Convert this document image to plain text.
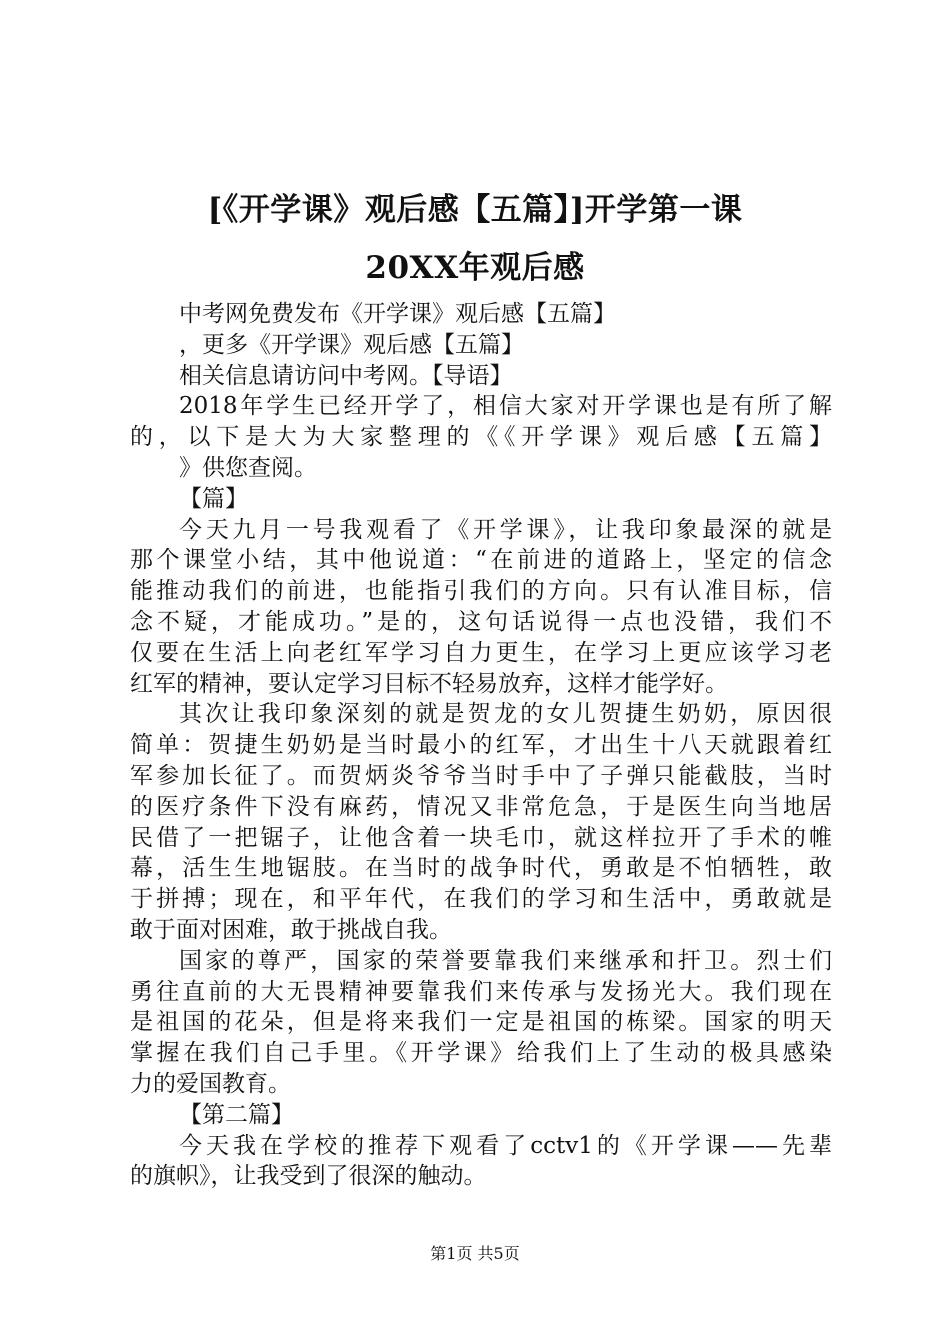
[《开学课》观后感【五篇】]开学第一课
20XX年观后感
中考网免费发布《开学课》观后感【五篇】
，更多《开学课》观后感【五篇】
相关信息请访问中考网。【导语】
2018年学生已经开学了，相信大家对开学课也是有所了解
的，以下是大为大家整理的《《开学课》观后感【五篇】
》供您查阅。
【篇】
今天九月一号我观看了《开学课》，让我印象最深的就是
那个课堂小结，其中他说道：“在前进的道路上，坚定的信念
能推动我们的前进，也能指引我们的方向。只有认准目标，信
念不疑，才能成功。”是的，这句话说得一点也没错，我们不
仅要在生活上向老红军学习自力更生，在学习上更应该学习老
红军的精神，要认定学习目标不轻易放弃，这样才能学好。
其次让我印象深刻的就是贺龙的女儿贺捷生奶奶，原因很
简单：贺捷生奶奶是当时最小的红军，才出生十八天就跟着红
军参加长征了。而贺炳炎爷爷当时手中了子弹只能截肢，当时
的医疗条件下没有麻药，情况又非常危急，于是医生向当地居
民借了一把锯子，让他含着一块毛巾，就这样拉开了手术的帷
幕，活生生地锯肢。在当时的战争时代，勇敢是不怕牺牲，敢
于拼搏；现在，和平年代，在我们的学习和生活中，勇敢就是
敢于面对困难，敢于挑战自我。
国家的尊严，国家的荣誉要靠我们来继承和扞卫。烈士们
勇往直前的大无畏精神要靠我们来传承与发扬光大。我们现在
是祖国的花朵，但是将来我们一定是祖国的栋梁。国家的明天
掌握在我们自己手里。《开学课》给我们上了生动的极具感染
力的爱国教育。
【第二篇】
今天我在学校的推荐下观看了cctv1的《开学课——先辈
的旗帜》，让我受到了很深的触动。
第1页 共5页
